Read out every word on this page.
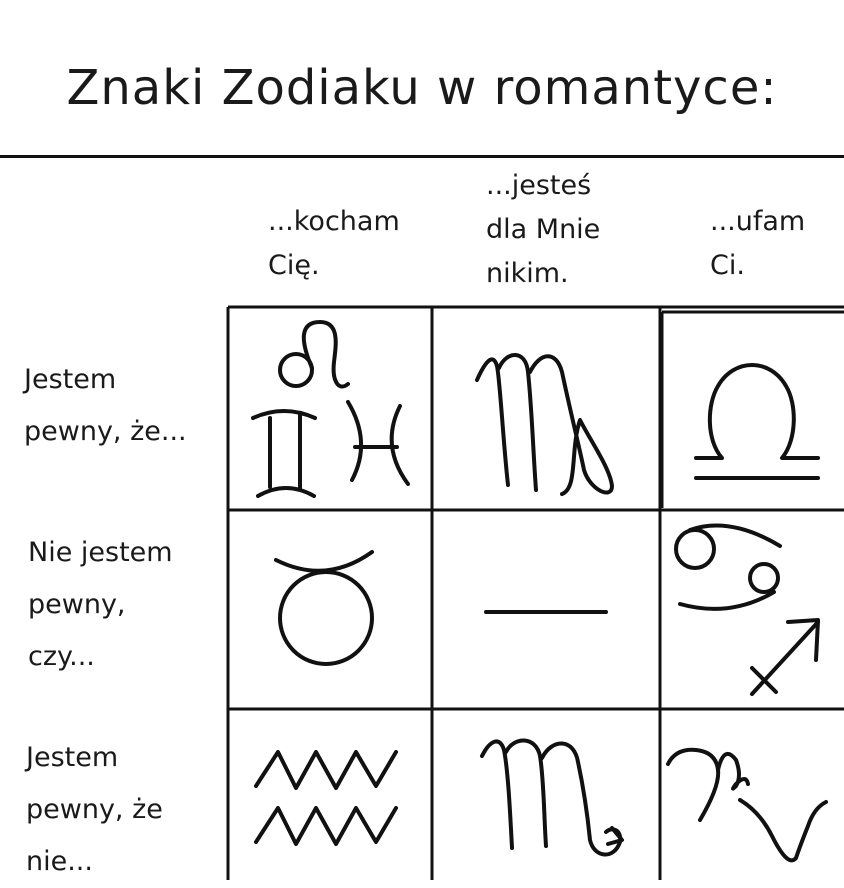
Znaki Zodiaku w romantyce:
...kocham
Cię.
...jesteś
dla Mnie
nikim.
...ufam
Ci.
Jestem
pewny, że...
Nie jestem
pewny,
czy...
Jestem
pewny, że
nie...
